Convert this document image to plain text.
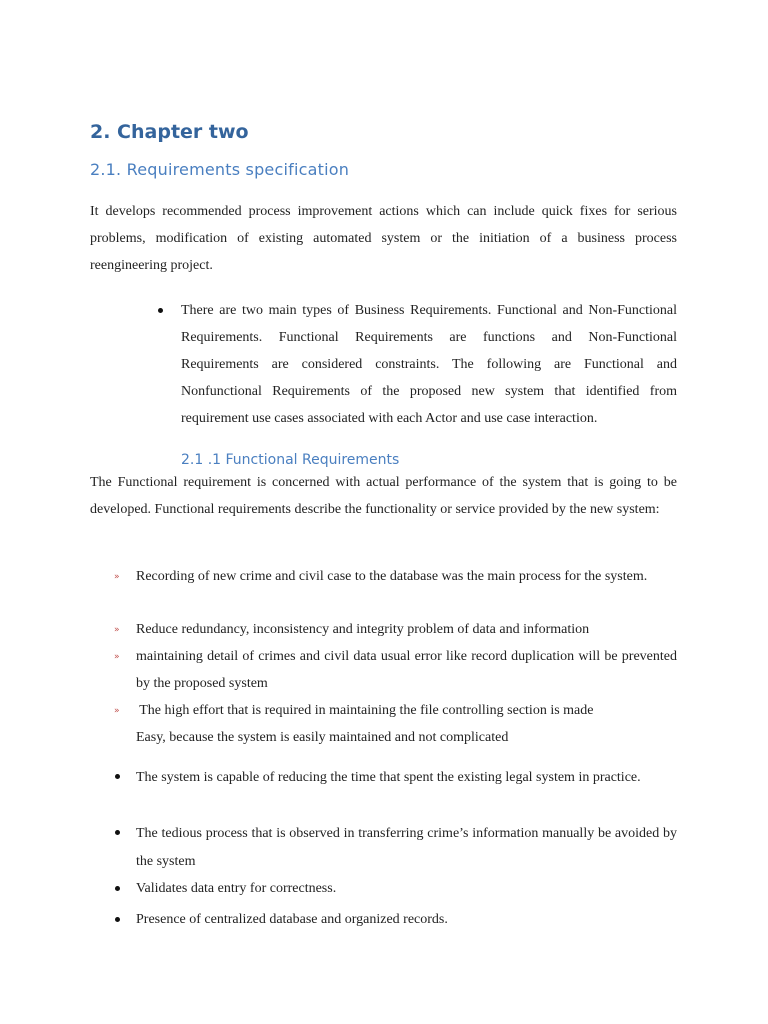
2. Chapter two
2.1. Requirements specification

It develops recommended process improvement actions which can include quick fixes for serious problems, modification of existing automated system or the initiation of a business process reengineering project.

There are two main types of Business Requirements. Functional and Non-Functional Requirements. Functional Requirements are functions and Non-Functional Requirements are considered constraints. The following are Functional and Nonfunctional Requirements of the proposed new system that identified from requirement use cases associated with each Actor and use case interaction.

2.1 .1 Functional Requirements

The Functional requirement is concerned with actual performance of the system that is going to be developed. Functional requirements describe the functionality or service provided by the new system:

» Recording of new crime and civil case to the database was the main process for the system.

» Reduce redundancy, inconsistency and integrity problem of data and information

» maintaining detail of crimes and civil data usual error like record duplication will be prevented by the proposed system

» The high effort that is required in maintaining the file controlling section is made

Easy, because the system is easily maintained and not complicated

The system is capable of reducing the time that spent the existing legal system in practice.

The tedious process that is observed in transferring crime’s information manually be avoided by the system

Validates data entry for correctness.

Presence of centralized database and organized records.
